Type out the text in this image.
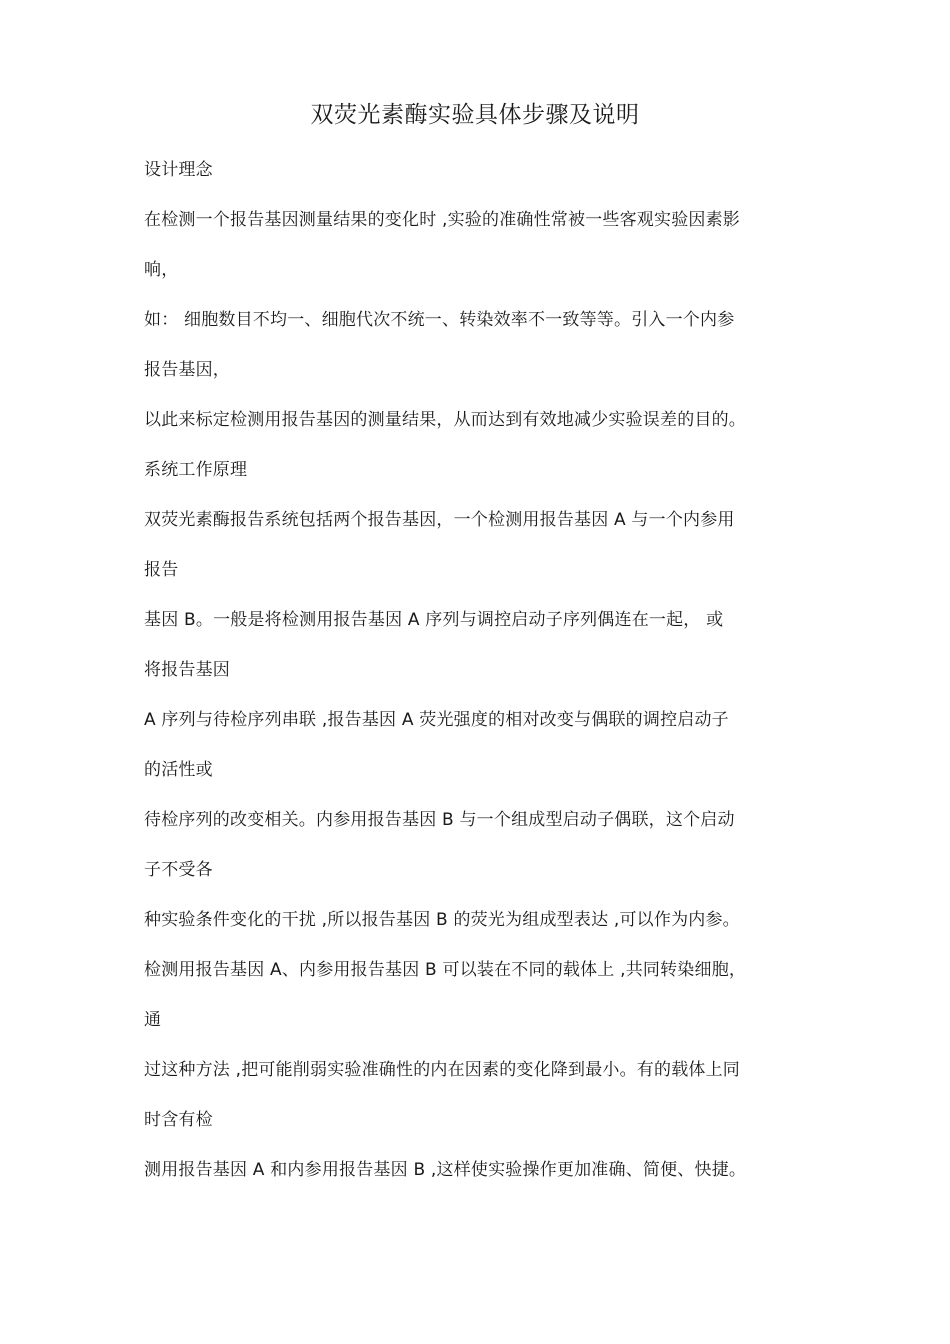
双荧光素酶实验具体步骤及说明
设计理念
在检测一个报告基因测量结果的变化时 ,实验的准确性常被一些客观实验因素影
响，
如： 细胞数目不均一、细胞代次不统一、转染效率不一致等等。引入一个内参
报告基因，
以此来标定检测用报告基因的测量结果，从而达到有效地减少实验误差的目的。
系统工作原理
双荧光素酶报告系统包括两个报告基因，一个检测用报告基因 A 与一个内参用
报告
基因 B。一般是将检测用报告基因 A 序列与调控启动子序列偶连在一起， 或
将报告基因
A 序列与待检序列串联 ,报告基因 A 荧光强度的相对改变与偶联的调控启动子
的活性或
待检序列的改变相关。内参用报告基因 B 与一个组成型启动子偶联，这个启动
子不受各
种实验条件变化的干扰 ,所以报告基因 B 的荧光为组成型表达 ,可以作为内参。
检测用报告基因 A、内参用报告基因 B 可以装在不同的载体上 ,共同转染细胞，
通
过这种方法 ,把可能削弱实验准确性的内在因素的变化降到最小。有的载体上同
时含有检
测用报告基因 A 和内参用报告基因 B ,这样使实验操作更加准确、简便、快捷。
